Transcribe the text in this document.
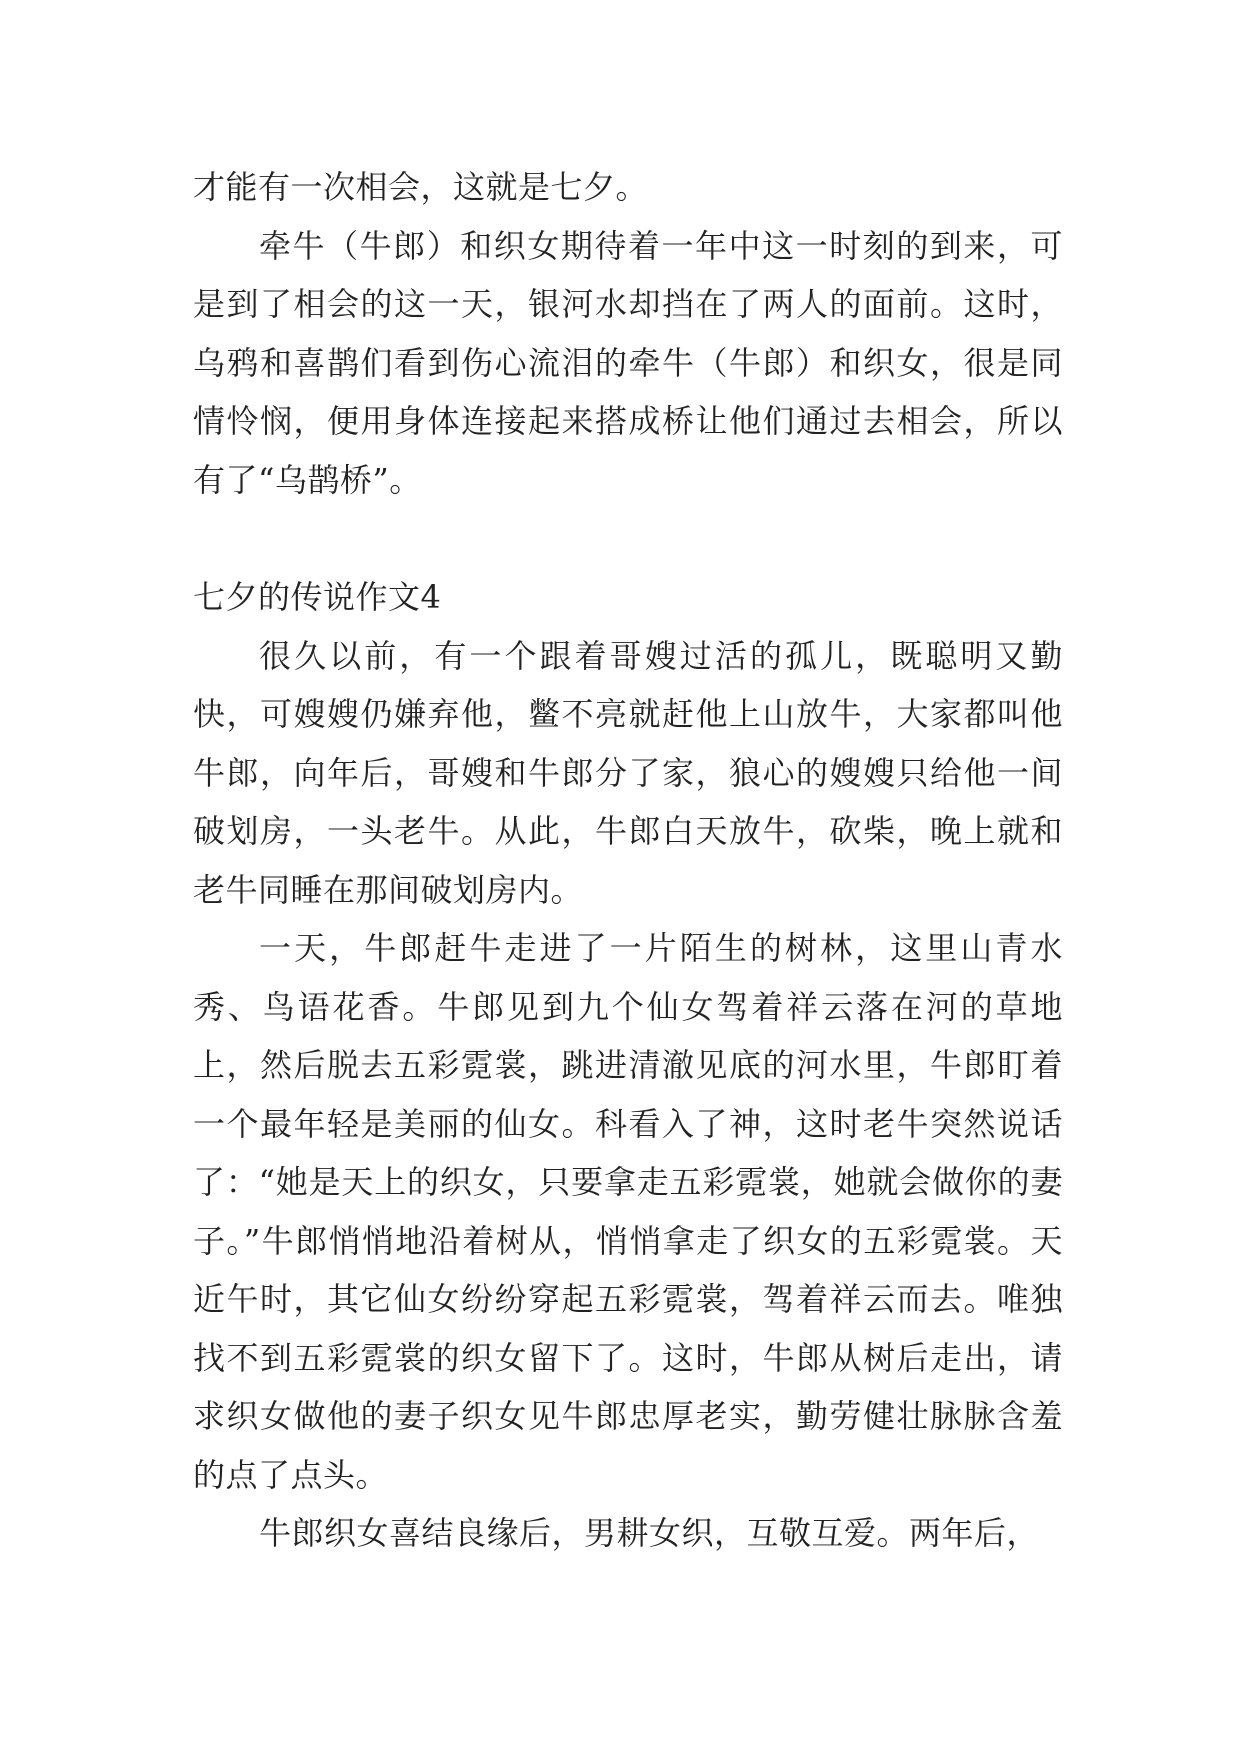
才能有一次相会，这就是七夕。

牵牛（牛郎）和织女期待着一年中这一时刻的到来，可是到了相会的这一天，银河水却挡在了两人的面前。这时，乌鸦和喜鹊们看到伤心流泪的牵牛（牛郎）和织女，很是同情怜悯，便用身体连接起来搭成桥让他们通过去相会，所以有了“乌鹊桥”。

七夕的传说作文4

很久以前，有一个跟着哥嫂过活的孤儿，既聪明又勤快，可嫂嫂仍嫌弃他，鳖不亮就赶他上山放牛，大家都叫他牛郎，向年后，哥嫂和牛郎分了家，狼心的嫂嫂只给他一间破划房，一头老牛。从此，牛郎白天放牛，砍柴，晚上就和老牛同睡在那间破划房内。

一天，牛郎赶牛走进了一片陌生的树林，这里山青水秀、鸟语花香。牛郎见到九个仙女驾着祥云落在河的草地上，然后脱去五彩霓裳，跳进清澈见底的河水里，牛郎盯着一个最年轻是美丽的仙女。科看入了神，这时老牛突然说话了：“她是天上的织女，只要拿走五彩霓裳，她就会做你的妻子。”牛郎悄悄地沿着树从，悄悄拿走了织女的五彩霓裳。天近午时，其它仙女纷纷穿起五彩霓裳，驾着祥云而去。唯独找不到五彩霓裳的织女留下了。这时，牛郎从树后走出，请求织女做他的妻子织女见牛郎忠厚老实，勤劳健壮脉脉含羞的点了点头。

牛郎织女喜结良缘后，男耕女织，互敬互爱。两年后，
